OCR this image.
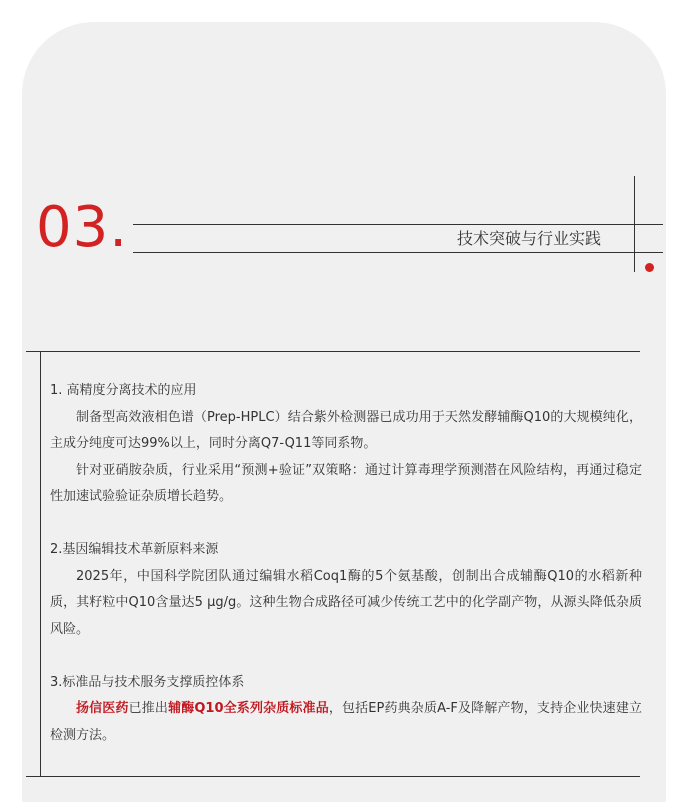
03.	技术突破与行业实践

1. 高精度分离技术的应用

制备型高效液相色谱（Prep-HPLC）结合紫外检测器已成功用于天然发酵辅酶Q10的大规模纯化，主成分纯度可达99%以上，同时分离Q7-Q11等同系物。

针对亚硝胺杂质，行业采用“预测+验证”双策略：通过计算毒理学预测潜在风险结构，再通过稳定性加速试验验证杂质增长趋势。

2.基因编辑技术革新原料来源

2025年，中国科学院团队通过编辑水稻Coq1酶的5个氨基酸，创制出合成辅酶Q10的水稻新种质，其籽粒中Q10含量达5 μg/g。这种生物合成路径可减少传统工艺中的化学副产物，从源头降低杂质风险。

3.标准品与技术服务支撑质控体系

扬信医药已推出辅酶Q10全系列杂质标准品，包括EP药典杂质A-F及降解产物，支持企业快速建立检测方法。
